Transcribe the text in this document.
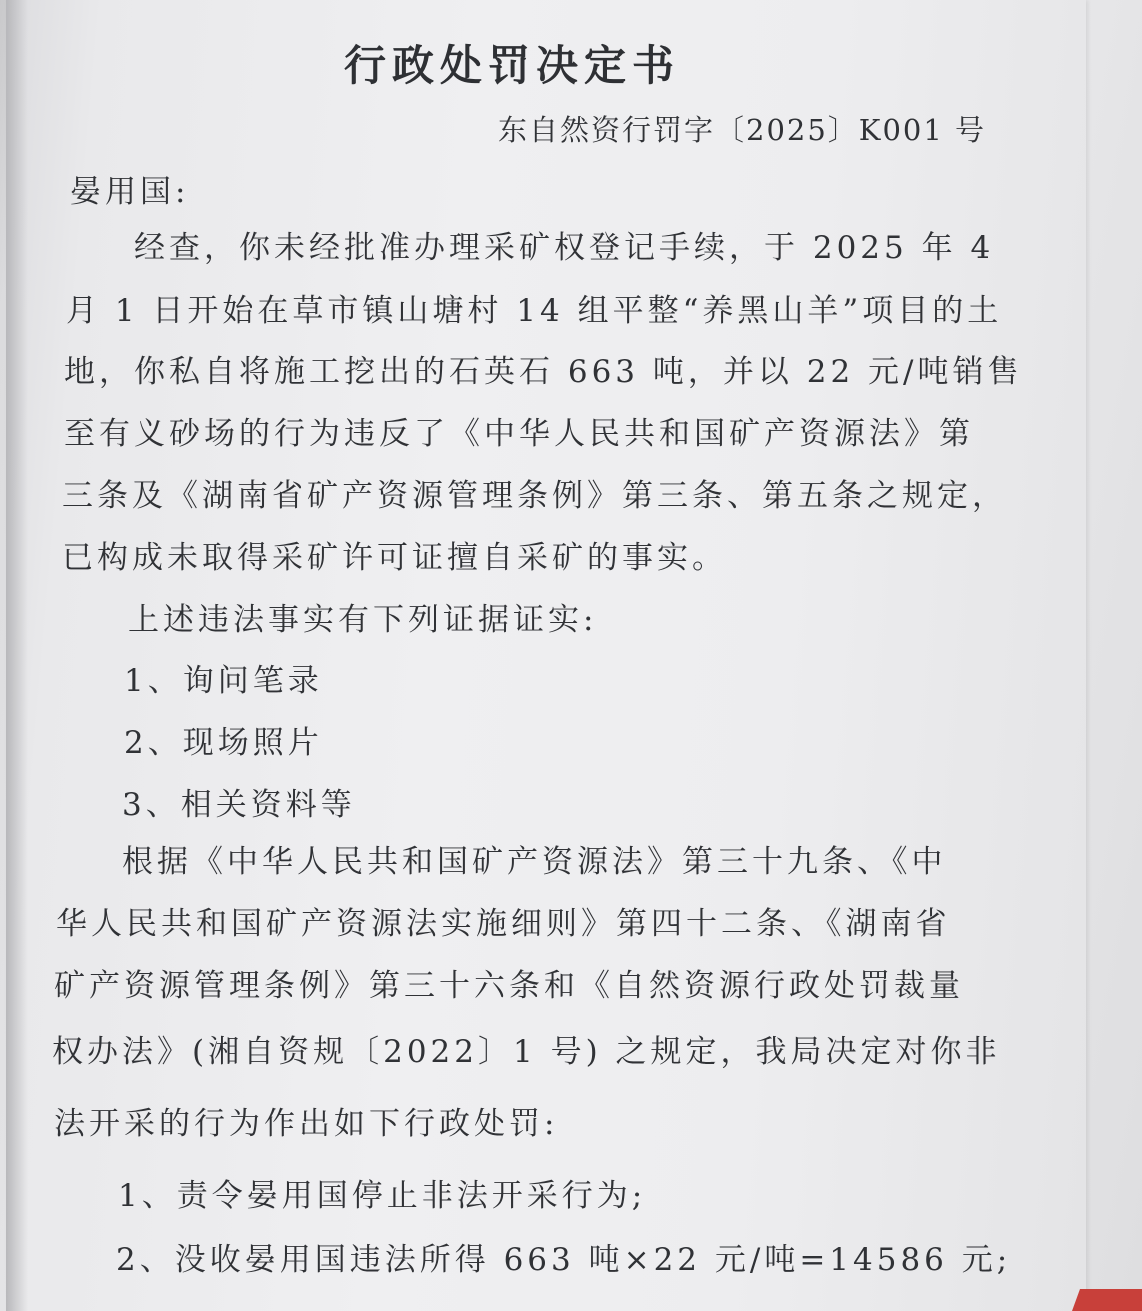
行政处罚决定书
东自然资行罚字〔2025〕K001 号
晏用国:
经查，你未经批准办理采矿权登记手续，于 2025 年 4
月 1 日开始在草市镇山塘村 14 组平整“养黑山羊”项目的土
地，你私自将施工挖出的石英石 663 吨，并以 22 元/吨销售
至有义砂场的行为违反了《中华人民共和国矿产资源法》第
三条及《湖南省矿产资源管理条例》第三条、第五条之规定，
已构成未取得采矿许可证擅自采矿的事实。
上述违法事实有下列证据证实:
1、询问笔录
2、现场照片
3、相关资料等
根据《中华人民共和国矿产资源法》第三十九条、《中
华人民共和国矿产资源法实施细则》第四十二条、《湖南省
矿产资源管理条例》第三十六条和《自然资源行政处罚裁量
权办法》(湘自资规〔2022〕1 号) 之规定，我局决定对你非
法开采的行为作出如下行政处罚:
1、责令晏用国停止非法开采行为;
2、没收晏用国违法所得 663 吨×22 元/吨=14586 元;
